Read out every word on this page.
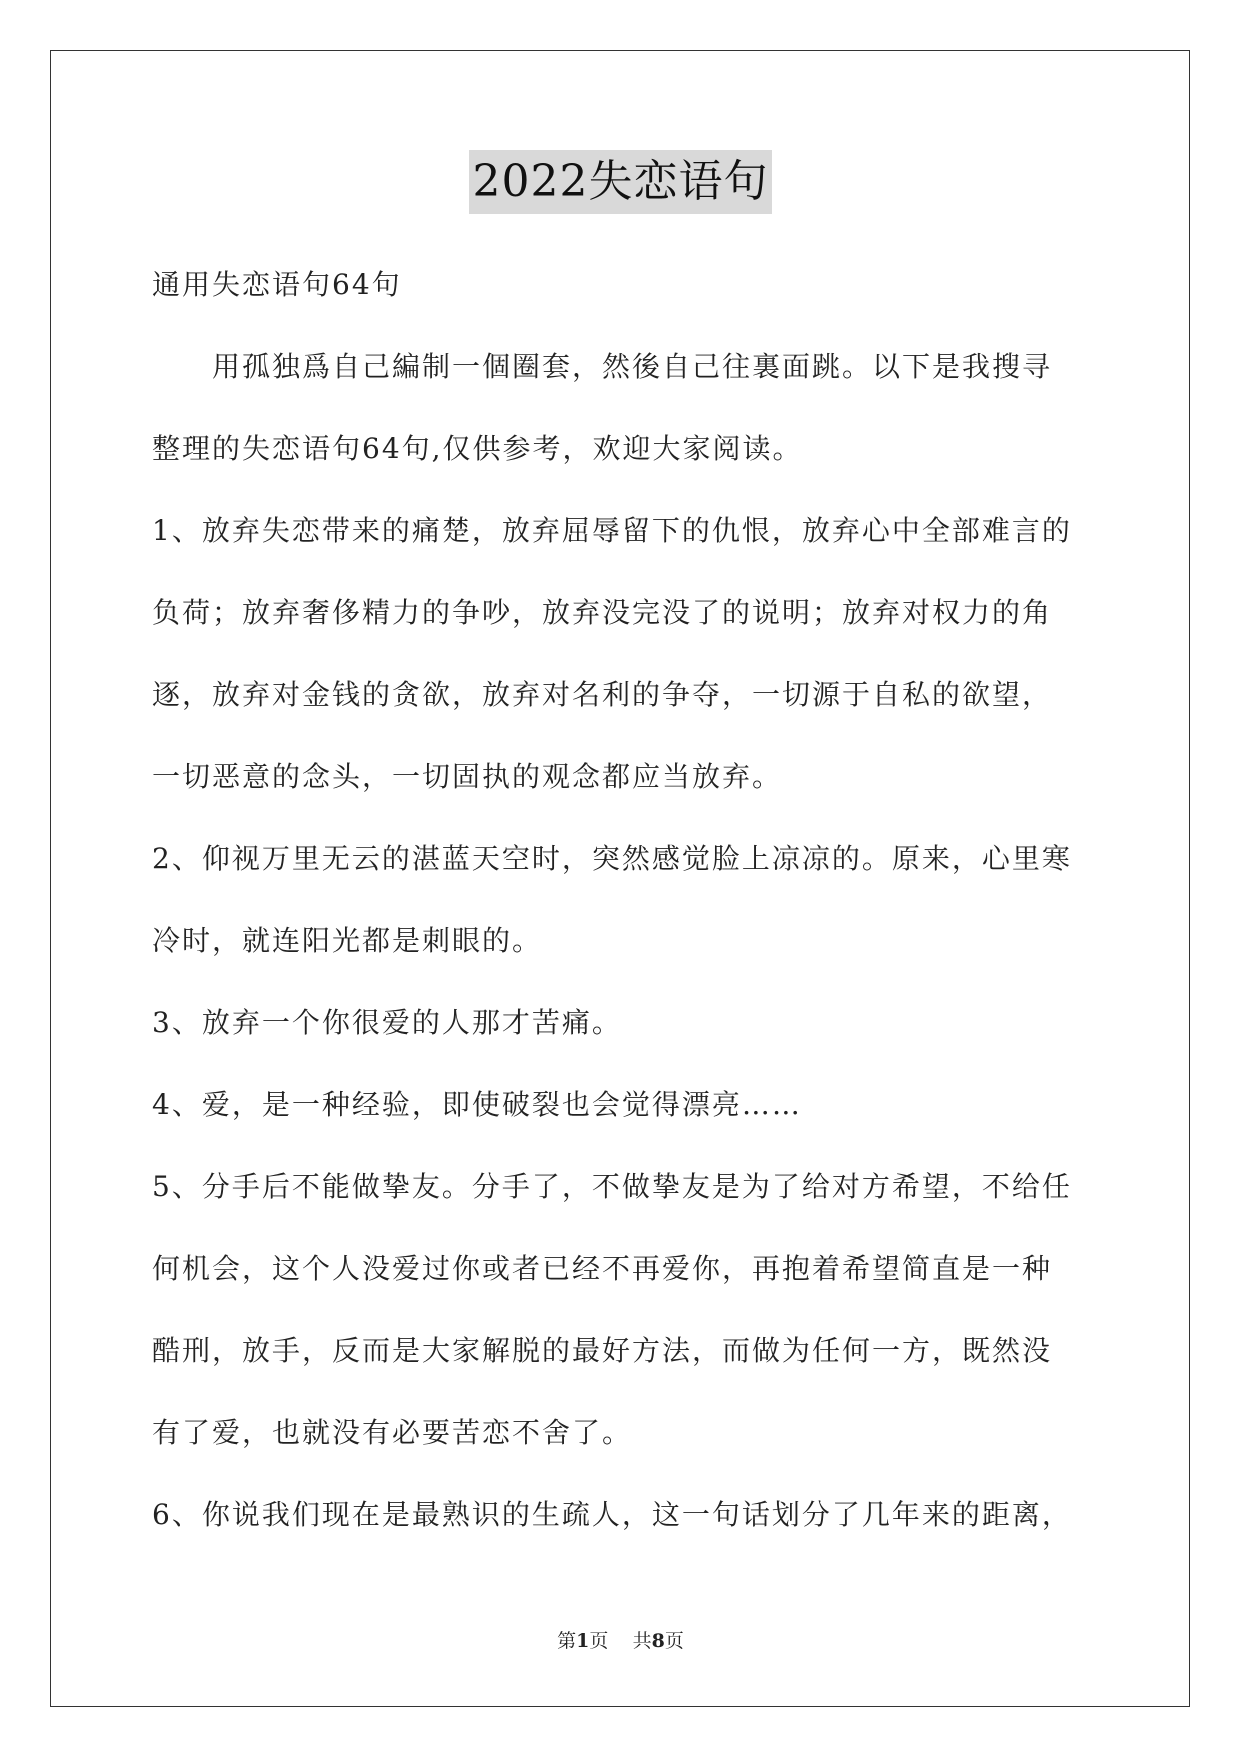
2022失恋语句
通用失恋语句64句
　　用孤独爲自己編制一個圈套，然後自己往裏面跳。以下是我搜寻
整理的失恋语句64句,仅供参考，欢迎大家阅读。
1、放弃失恋带来的痛楚，放弃屈辱留下的仇恨，放弃心中全部难言的
负荷；放弃奢侈精力的争吵，放弃没完没了的说明；放弃对权力的角
逐，放弃对金钱的贪欲，放弃对名利的争夺，一切源于自私的欲望，
一切恶意的念头，一切固执的观念都应当放弃。
2、仰视万里无云的湛蓝天空时，突然感觉脸上凉凉的。原来，心里寒
冷时，就连阳光都是刺眼的。
3、放弃一个你很爱的人那才苦痛。
4、爱，是一种经验，即使破裂也会觉得漂亮……
5、分手后不能做挚友。分手了，不做挚友是为了给对方希望，不给任
何机会，这个人没爱过你或者已经不再爱你，再抱着希望简直是一种
酷刑，放手，反而是大家解脱的最好方法，而做为任何一方，既然没
有了爱，也就没有必要苦恋不舍了。
6、你说我们现在是最熟识的生疏人，这一句话划分了几年来的距离，
第1页 共8页
